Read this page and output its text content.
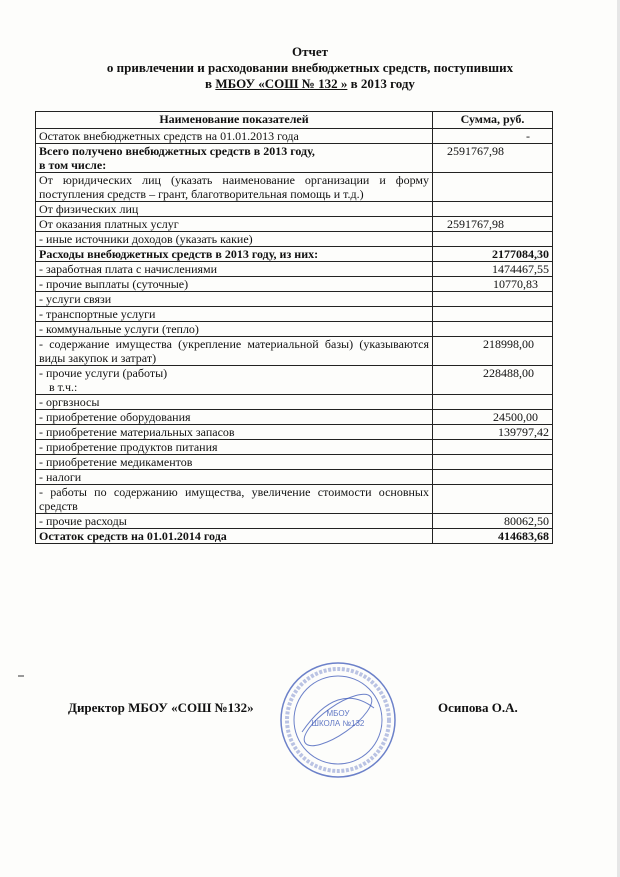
Отчет
о привлечении и расходовании внебюджетных средств, поступивших
в МБОУ «СОШ № 132 » в 2013 году
Наименование показателей	Сумма, руб.
Остаток внебюджетных средств на 01.01.2013 года	-

Всего получено внебюджетных средств в 2013 году,
в том числе:	2591767,98
От юридических лиц (указать наименование организации и форму поступления средств – грант, благотворительная помощь и т.д.)	
От физических лиц	
От оказания платных услуг	2591767,98
- иные источники доходов (указать какие)	
Расходы внебюджетных средств в 2013 году, из них:	2177084,30
- заработная плата с начислениями	1474467,55
- прочие выплаты (суточные)	10770,83
- услуги связи	
- транспортные услуги	
- коммунальные услуги (тепло)	
- содержание имущества (укрепление материальной базы) (указываются виды закупок и затрат)	218998,00

- прочие услуги (работы)
в т.ч.:	228488,00
- оргвзносы	
- приобретение оборудования	24500,00
- приобретение материальных запасов	139797,42
- приобретение продуктов питания	
- приобретение медикаментов	
- налоги	
- работы по содержанию имущества, увеличение стоимости основных средств	
- прочие расходы	80062,50
Остаток средств на 01.01.2014 года	414683,68
Директор МБОУ «СОШ №132»	Осипова О.А.
МБОУ
ШКОЛА №132
